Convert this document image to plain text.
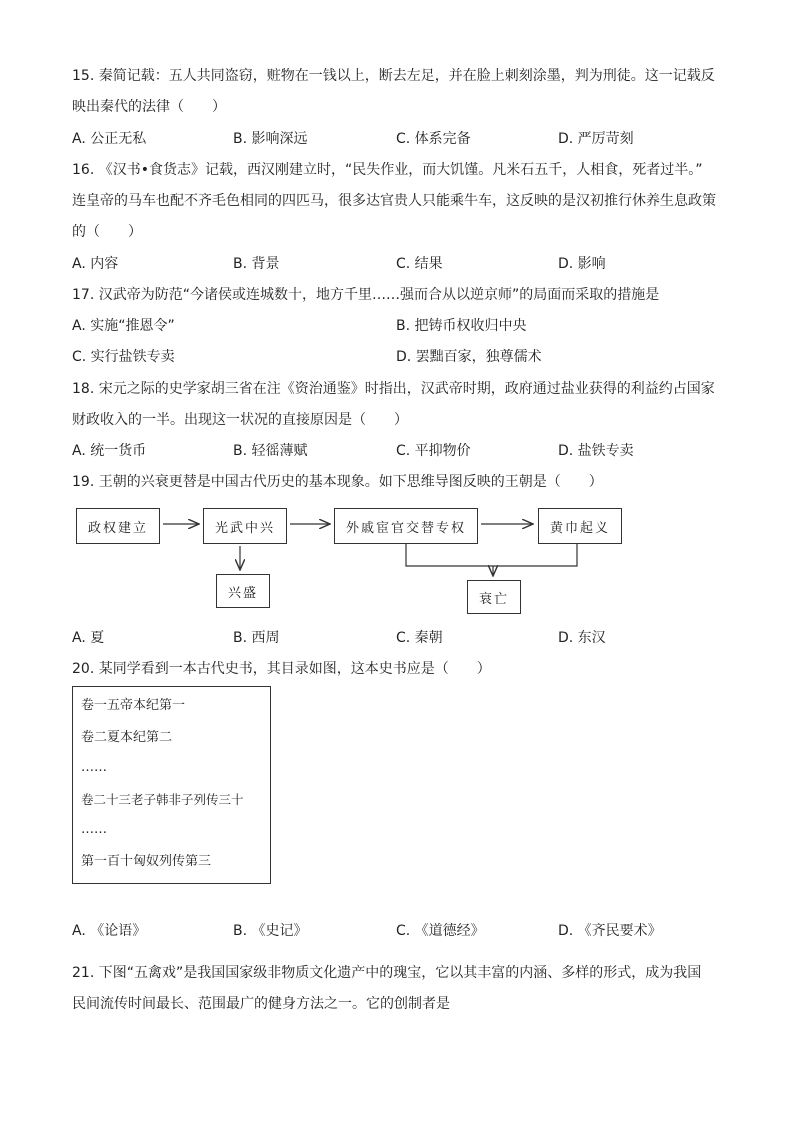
15. 秦简记载：五人共同盗窃，赃物在一钱以上，断去左足，并在脸上刺刻涂墨，判为刑徒。这一记载反
映出秦代的法律（　　）
A. 公正无私	B. 影响深远	C. 体系完备	D. 严厉苛刻
16. 《汉书•食货志》记载，西汉刚建立时，“民失作业，而大饥馑。凡米石五千，人相食，死者过半。”
连皇帝的马车也配不齐毛色相同的四匹马，很多达官贵人只能乘牛车，这反映的是汉初推行休养生息政策
的（　　）
A. 内容	B. 背景	C. 结果	D. 影响
17. 汉武帝为防范“今诸侯或连城数十，地方千里……强而合从以逆京师”的局面而采取的措施是
A. 实施“推恩令”	B. 把铸币权收归中央
C. 实行盐铁专卖	D. 罢黜百家，独尊儒术
18. 宋元之际的史学家胡三省在注《资治通鉴》时指出，汉武帝时期，政府通过盐业获得的利益约占国家
财政收入的一半。出现这一状况的直接原因是（　　）
A. 统一货币	B. 轻徭薄赋	C. 平抑物价	D. 盐铁专卖
19. 王朝的兴衰更替是中国古代历史的基本现象。如下思维导图反映的王朝是（　　）
政权建立	光武中兴	外戚宦官交替专权	黄巾起义
兴盛	衰亡
A. 夏	B. 西周	C. 秦朝	D. 东汉
20. 某同学看到一本古代史书，其目录如图，这本史书应是（　　）
卷一五帝本纪第一
卷二夏本纪第二
……
卷二十三老子韩非子列传三十
……
第一百十匈奴列传第三
A. 《论语》	B. 《史记》	C. 《道德经》	D. 《齐民要术》
21. 下图“五禽戏”是我国国家级非物质文化遗产中的瑰宝，它以其丰富的内涵、多样的形式，成为我国
民间流传时间最长、范围最广的健身方法之一。它的创制者是
